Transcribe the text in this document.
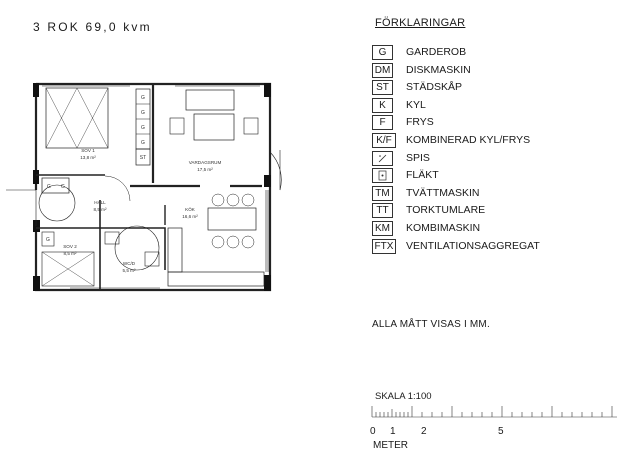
3 ROK 69,0 kvm
G
G
G
G
ST
G G
G
SOV 1
13,8 m²
VARDAGSRUM
17,5 m²
HALL
8,5 m²	KÖK
16,6 m²
SOV 2
8,5 m²
WC/D
5,5 m²
FÖRKLARINGAR
G	GARDEROB
DM DISKMASKIN
ST	STÄDSKÅP
K	KYL
F	FRYS
K/F	KOMBINERAD KYL/FRYS
SPIS
FLÄKT
TM	TVÄTTMASKIN
TT	TORKTUMLARE
KM KOMBIMASKIN
FTX VENTILATIONSAGGREGAT
ALLA MÅTT VISAS I MM.
SKALA 1:100
0 1	2	5
METER
